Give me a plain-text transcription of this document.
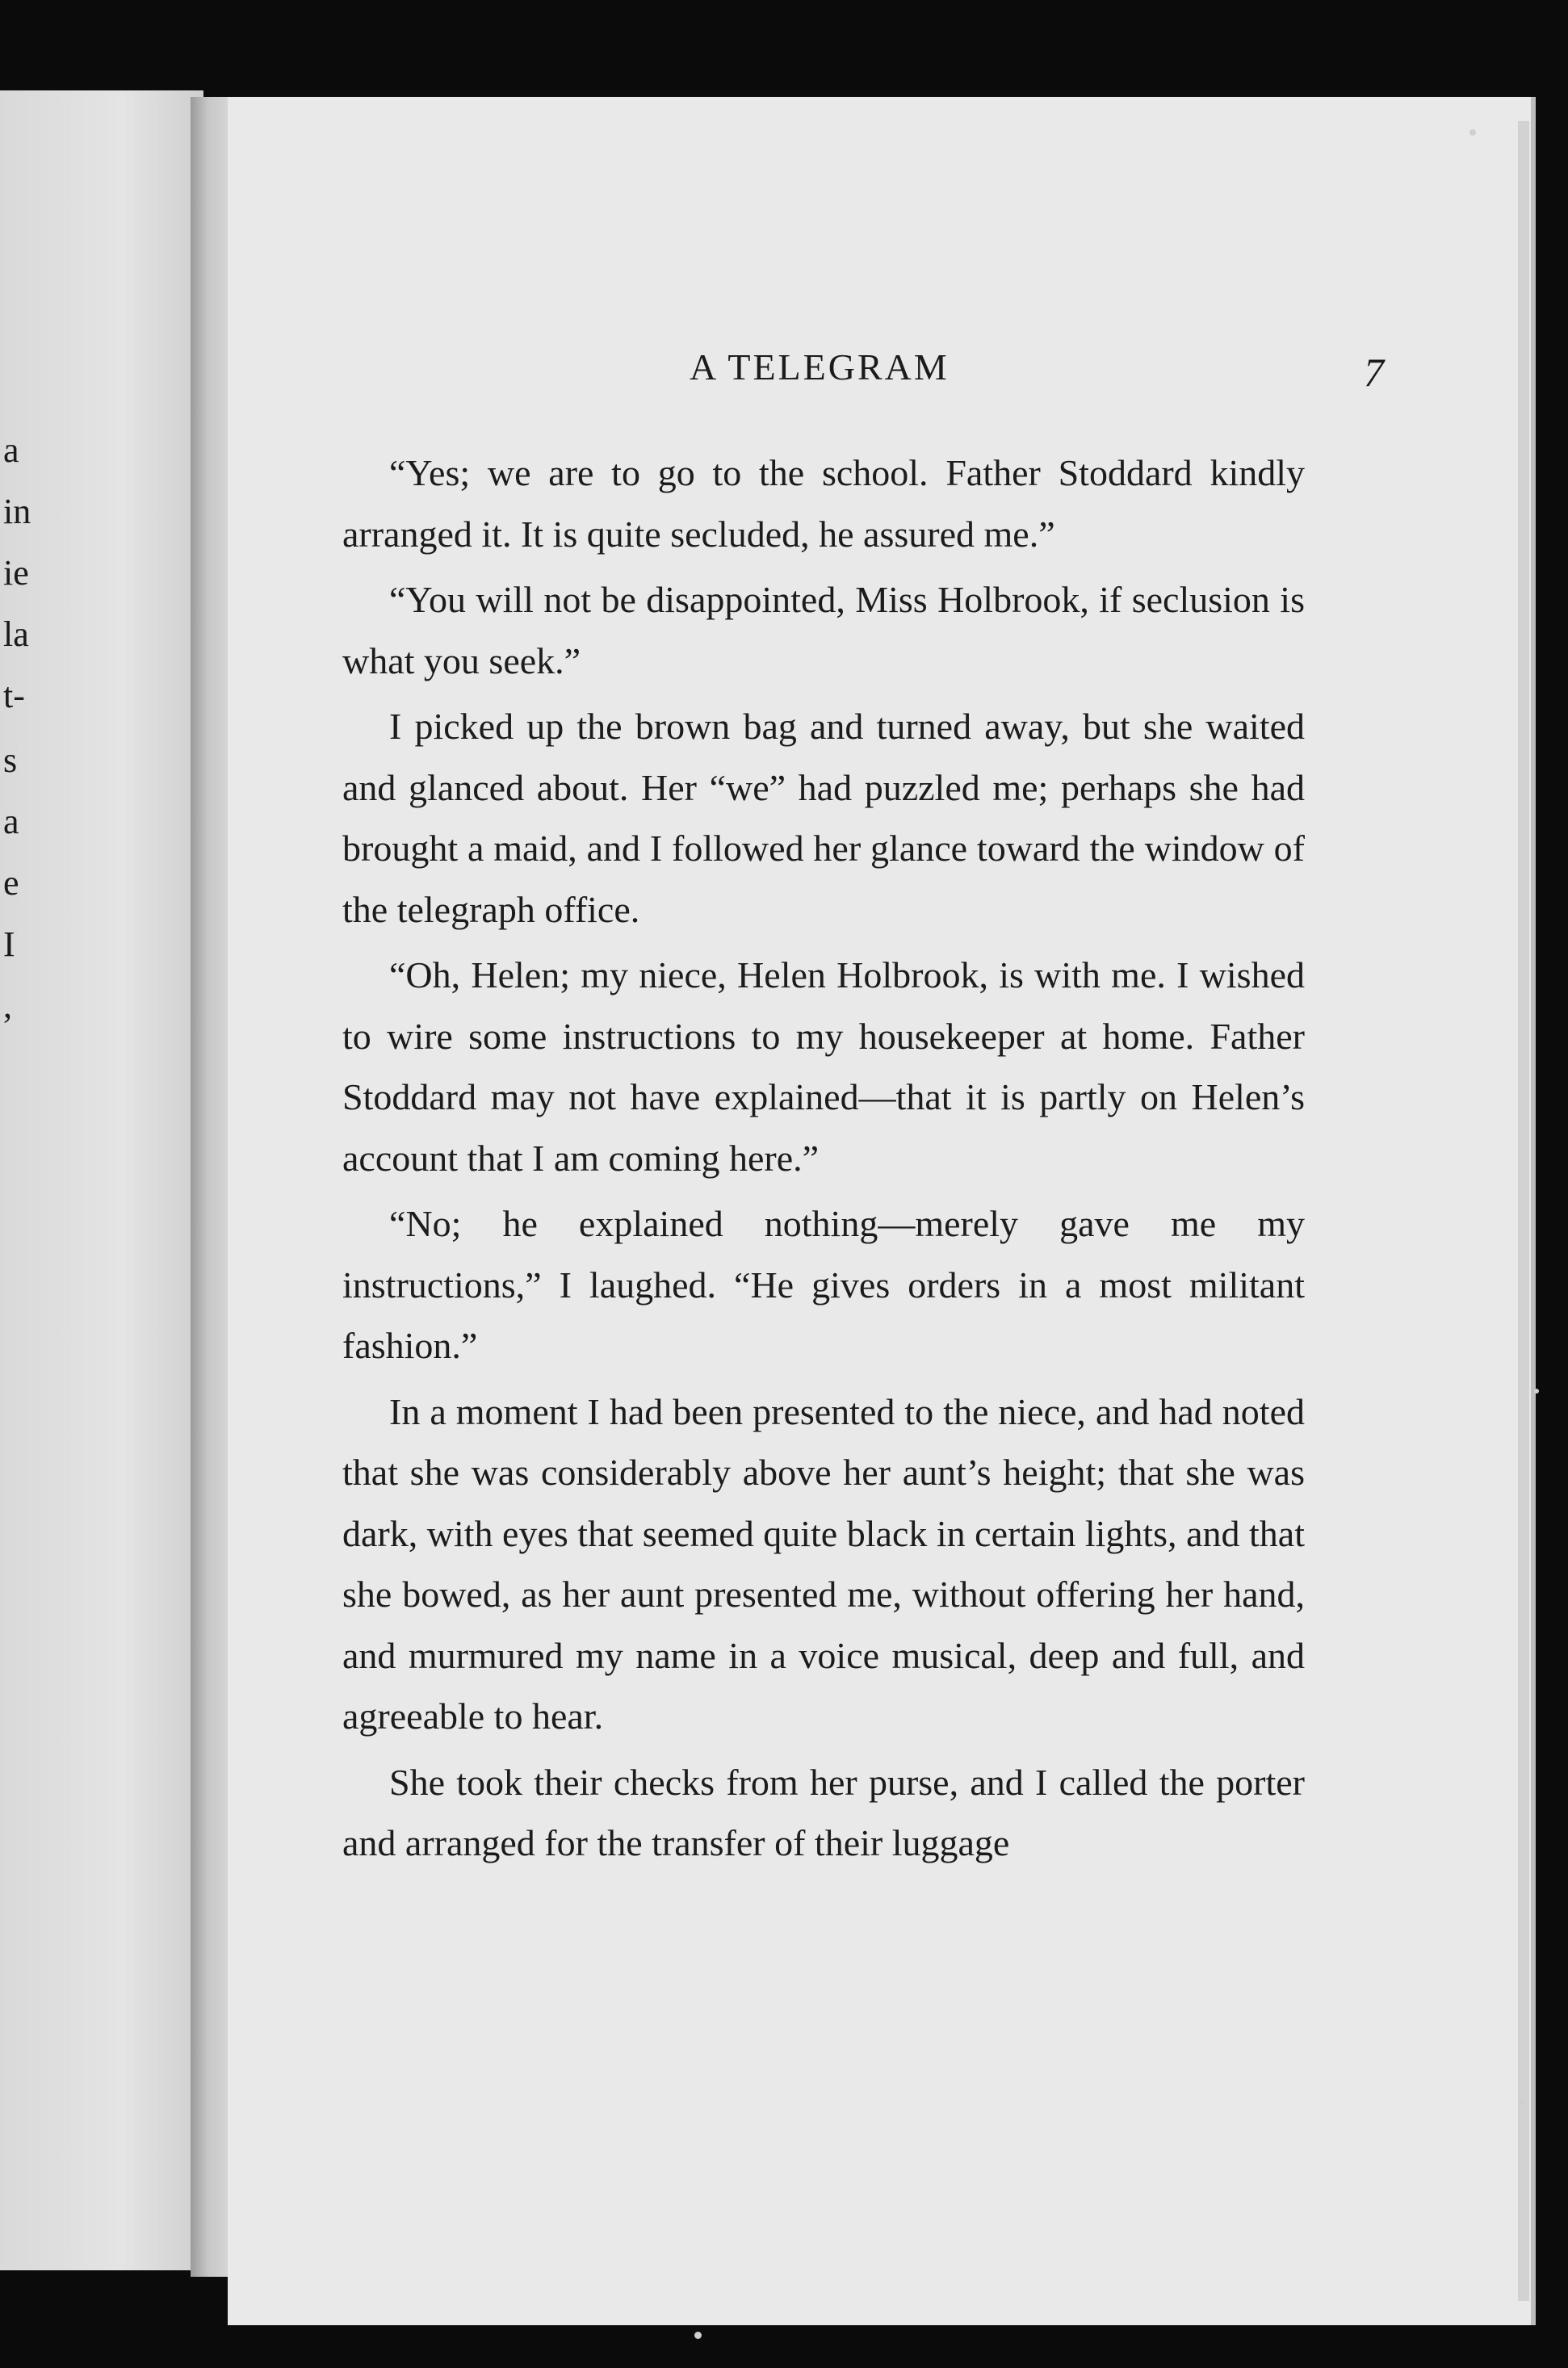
a
in
ie
la
t-
s
a
e
I
,
A TELEGRAM	7

“Yes; we are to go to the school. Father Stoddard kindly arranged it. It is quite secluded, he assured me.”

“You will not be disappointed, Miss Holbrook, if seclusion is what you seek.”

I picked up the brown bag and turned away, but she waited and glanced about. Her “we” had puzzled me; perhaps she had brought a maid, and I followed her glance toward the window of the telegraph office.

“Oh, Helen; my niece, Helen Holbrook, is with me. I wished to wire some instructions to my housekeeper at home. Father Stoddard may not have explained—that it is partly on Helen’s account that I am coming here.”

“No; he explained nothing—merely gave me my instructions,” I laughed. “He gives orders in a most militant fashion.”

In a moment I had been presented to the niece, and had noted that she was considerably above her aunt’s height; that she was dark, with eyes that seemed quite black in certain lights, and that she bowed, as her aunt presented me, without offering her hand, and murmured my name in a voice musical, deep and full, and agreeable to hear.

She took their checks from her purse, and I called the porter and arranged for the transfer of their luggage
